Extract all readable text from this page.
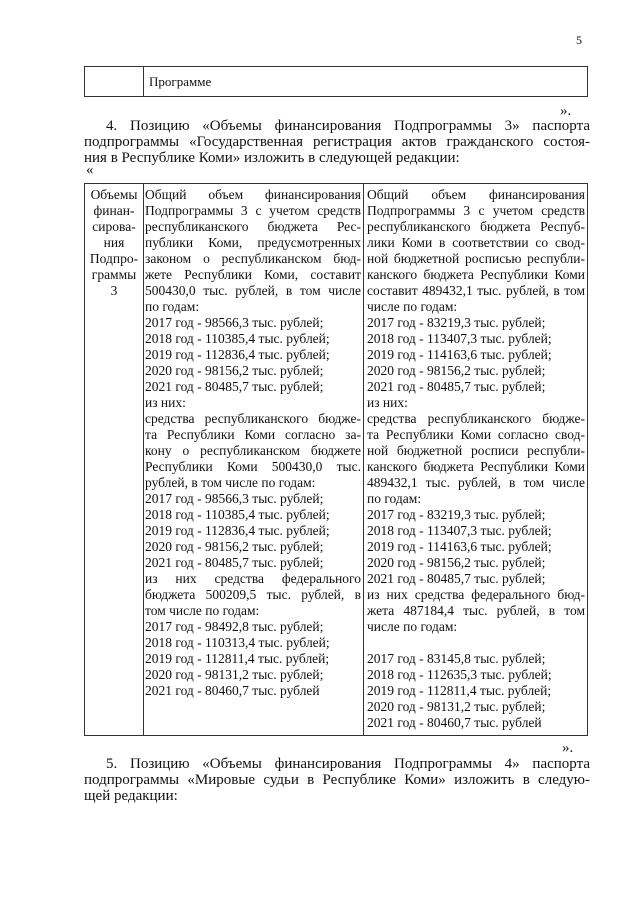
5
Программе
».

4. Позицию «Объемы финансирования Подпрограммы 3» паспорта
подпрограммы «Государственная регистрация актов гражданского состоя-
ния в Республике Коми» изложить в следующей редакции:

«
Объемы
финан-
сирова-
ния
Подпро-
граммы
3
Общий объем финансирования
Подпрограммы 3 с учетом средств
республиканского бюджета Рес-
публики Коми, предусмотренных
законом о республиканском бюд-
жете Республики Коми, составит
500430,0 тыс. рублей, в том числе
по годам:
2017 год - 98566,3 тыс. рублей;
2018 год - 110385,4 тыс. рублей;
2019 год - 112836,4 тыс. рублей;
2020 год - 98156,2 тыс. рублей;
2021 год - 80485,7 тыс. рублей;
из них:
средства республиканского бюдже-
та Республики Коми согласно за-
кону о республиканском бюджете
Республики Коми 500430,0 тыс.
рублей, в том числе по годам:
2017 год - 98566,3 тыс. рублей;
2018 год - 110385,4 тыс. рублей;
2019 год - 112836,4 тыс. рублей;
2020 год - 98156,2 тыс. рублей;
2021 год - 80485,7 тыс. рублей;
из них средства федерального
бюджета 500209,5 тыс. рублей, в
том числе по годам:
2017 год - 98492,8 тыс. рублей;
2018 год - 110313,4 тыс. рублей;
2019 год - 112811,4 тыс. рублей;
2020 год - 98131,2 тыс. рублей;
2021 год - 80460,7 тыс. рублей
Общий объем финансирования
Подпрограммы 3 с учетом средств
республиканского бюджета Респуб-
лики Коми в соответствии со свод-
ной бюджетной росписью республи-
канского бюджета Республики Коми
составит 489432,1 тыс. рублей, в том
числе по годам:
2017 год - 83219,3 тыс. рублей;
2018 год - 113407,3 тыс. рублей;
2019 год - 114163,6 тыс. рублей;
2020 год - 98156,2 тыс. рублей;
2021 год - 80485,7 тыс. рублей;
из них:
средства республиканского бюдже-
та Республики Коми согласно свод-
ной бюджетной росписи республи-
канского бюджета Республики Коми
489432,1 тыс. рублей, в том числе
по годам:
2017 год - 83219,3 тыс. рублей;
2018 год - 113407,3 тыс. рублей;
2019 год - 114163,6 тыс. рублей;
2020 год - 98156,2 тыс. рублей;
2021 год - 80485,7 тыс. рублей;
из них средства федерального бюд-
жета 487184,4 тыс. рублей, в том
числе по годам:
2017 год - 83145,8 тыс. рублей;
2018 год - 112635,3 тыс. рублей;
2019 год - 112811,4 тыс. рублей;
2020 год - 98131,2 тыс. рублей;
2021 год - 80460,7 тыс. рублей
».

5. Позицию «Объемы финансирования Подпрограммы 4» паспорта
подпрограммы «Мировые судьи в Республике Коми» изложить в следую-
щей редакции:
